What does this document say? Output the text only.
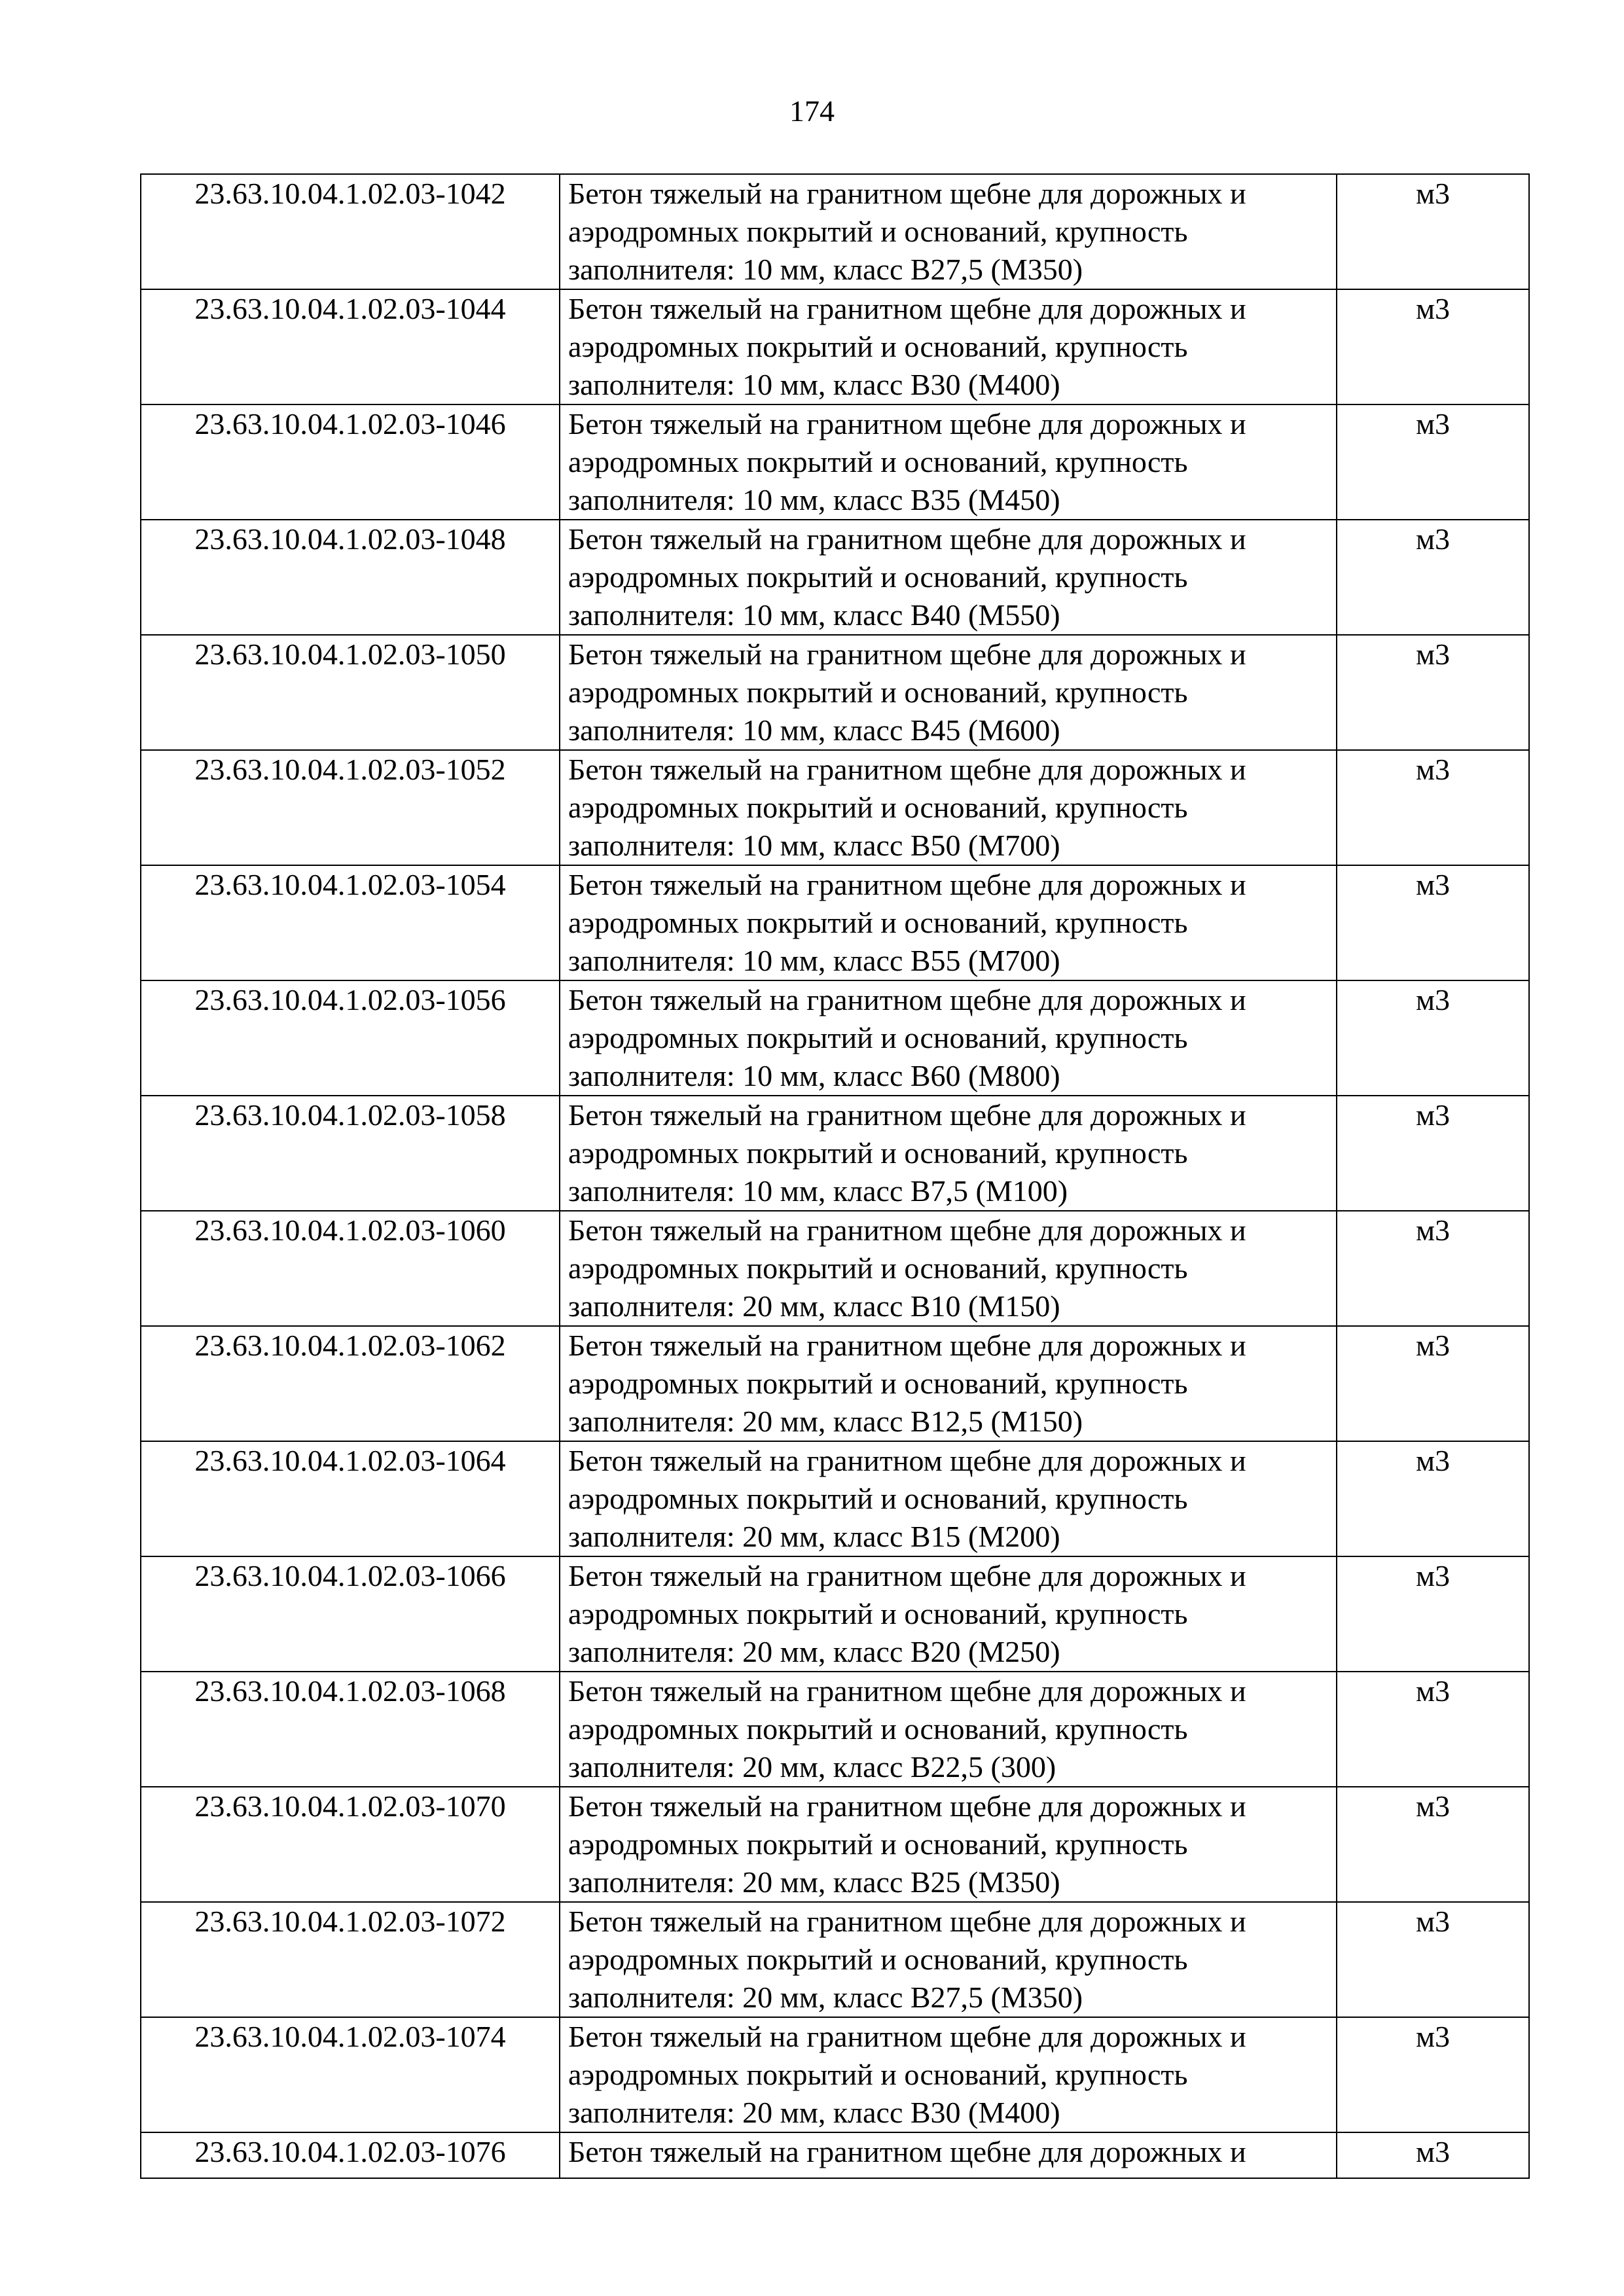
174
23.63.10.04.1.02.03-1042	Бетон тяжелый на гранитном щебне для дорожных и
аэродромных покрытий и оснований, крупность
заполнителя: 10 мм, класс В27,5 (М350)	м3
23.63.10.04.1.02.03-1044	Бетон тяжелый на гранитном щебне для дорожных и
аэродромных покрытий и оснований, крупность
заполнителя: 10 мм, класс В30 (М400)	м3
23.63.10.04.1.02.03-1046	Бетон тяжелый на гранитном щебне для дорожных и
аэродромных покрытий и оснований, крупность
заполнителя: 10 мм, класс В35 (М450)	м3
23.63.10.04.1.02.03-1048	Бетон тяжелый на гранитном щебне для дорожных и
аэродромных покрытий и оснований, крупность
заполнителя: 10 мм, класс В40 (М550)	м3
23.63.10.04.1.02.03-1050	Бетон тяжелый на гранитном щебне для дорожных и
аэродромных покрытий и оснований, крупность
заполнителя: 10 мм, класс В45 (М600)	м3
23.63.10.04.1.02.03-1052	Бетон тяжелый на гранитном щебне для дорожных и
аэродромных покрытий и оснований, крупность
заполнителя: 10 мм, класс В50 (М700)	м3
23.63.10.04.1.02.03-1054	Бетон тяжелый на гранитном щебне для дорожных и
аэродромных покрытий и оснований, крупность
заполнителя: 10 мм, класс В55 (М700)	м3
23.63.10.04.1.02.03-1056	Бетон тяжелый на гранитном щебне для дорожных и
аэродромных покрытий и оснований, крупность
заполнителя: 10 мм, класс В60 (М800)	м3
23.63.10.04.1.02.03-1058	Бетон тяжелый на гранитном щебне для дорожных и
аэродромных покрытий и оснований, крупность
заполнителя: 10 мм, класс В7,5 (М100)	м3
23.63.10.04.1.02.03-1060	Бетон тяжелый на гранитном щебне для дорожных и
аэродромных покрытий и оснований, крупность
заполнителя: 20 мм, класс В10 (М150)	м3
23.63.10.04.1.02.03-1062	Бетон тяжелый на гранитном щебне для дорожных и
аэродромных покрытий и оснований, крупность
заполнителя: 20 мм, класс В12,5 (М150)	м3
23.63.10.04.1.02.03-1064	Бетон тяжелый на гранитном щебне для дорожных и
аэродромных покрытий и оснований, крупность
заполнителя: 20 мм, класс В15 (М200)	м3
23.63.10.04.1.02.03-1066	Бетон тяжелый на гранитном щебне для дорожных и
аэродромных покрытий и оснований, крупность
заполнителя: 20 мм, класс В20 (М250)	м3
23.63.10.04.1.02.03-1068	Бетон тяжелый на гранитном щебне для дорожных и
аэродромных покрытий и оснований, крупность
заполнителя: 20 мм, класс В22,5 (300)	м3
23.63.10.04.1.02.03-1070	Бетон тяжелый на гранитном щебне для дорожных и
аэродромных покрытий и оснований, крупность
заполнителя: 20 мм, класс В25 (М350)	м3
23.63.10.04.1.02.03-1072	Бетон тяжелый на гранитном щебне для дорожных и
аэродромных покрытий и оснований, крупность
заполнителя: 20 мм, класс В27,5 (М350)	м3
23.63.10.04.1.02.03-1074	Бетон тяжелый на гранитном щебне для дорожных и
аэродромных покрытий и оснований, крупность
заполнителя: 20 мм, класс В30 (М400)	м3
23.63.10.04.1.02.03-1076	Бетон тяжелый на гранитном щебне для дорожных и	м3
